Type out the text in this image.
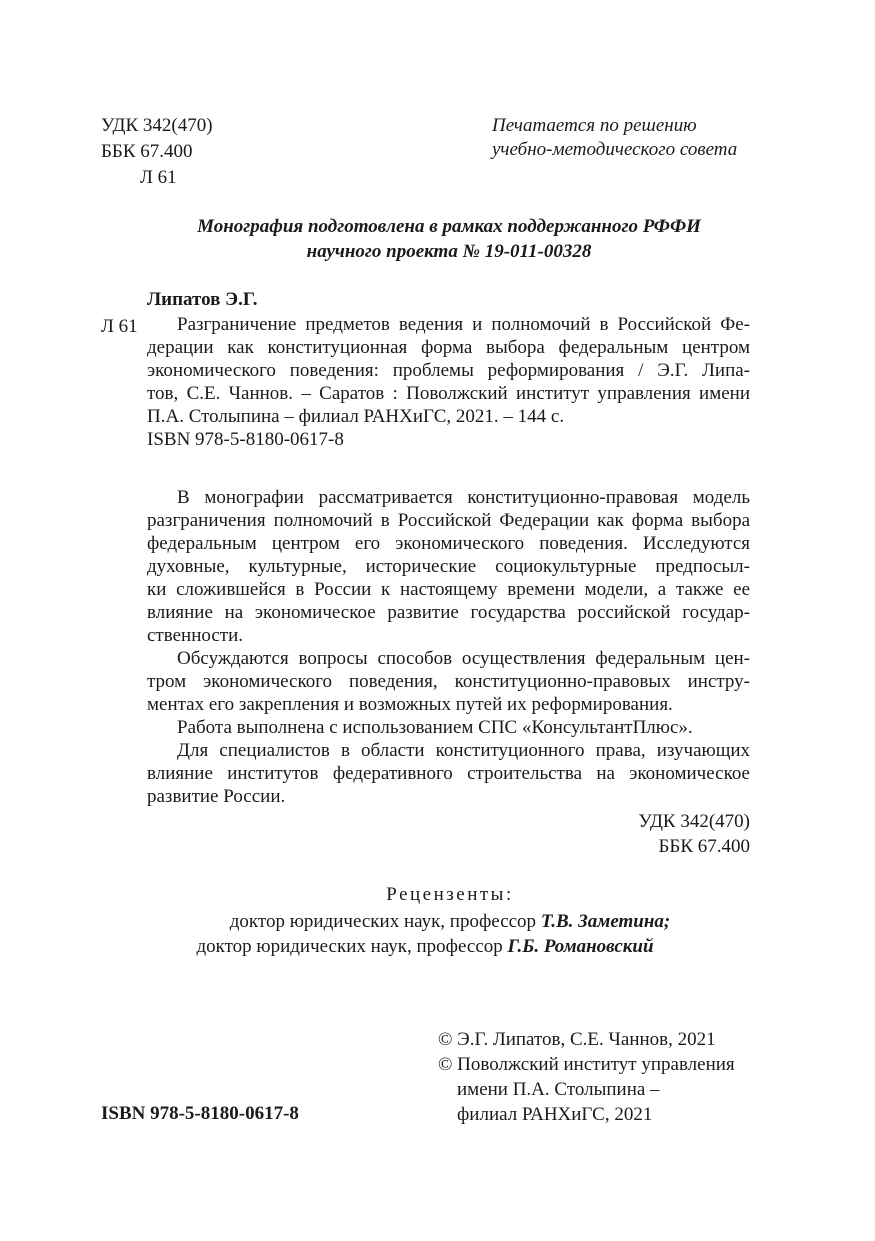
УДК 342(470)
ББК 67.400
Л 61
Печатается по решению
учебно-методического совета
Монография подготовлена в рамках поддержанного РФФИ
научного проекта № 19-011-00328
Липатов Э.Г.
Л 61	Разграничение предметов ведения и полномочий в Российской Фе-
дерации как конституционная форма выбора федеральным центром
экономического поведения: проблемы реформирования / Э.Г. Липа-
тов, С.Е. Чаннов. – Саратов : Поволжский институт управления имени
П.А. Столыпина – филиал РАНХиГС, 2021. – 144 с.
ISBN 978-5-8180-0617-8
В монографии рассматривается конституционно-правовая модель
разграничения полномочий в Российской Федерации как форма выбора
федеральным центром его экономического поведения. Исследуются
духовные, культурные, исторические социокультурные предпосыл-
ки сложившейся в России к настоящему времени модели, а также ее
влияние на экономическое развитие государства российской государ-
ственности.
Обсуждаются вопросы способов осуществления федеральным цен-
тром экономического поведения, конституционно-правовых инстру-
ментах его закрепления и возможных путей их реформирования.
Работа выполнена с использованием СПС «КонсультантПлюс».
Для специалистов в области конституционного права, изучающих
влияние институтов федеративного строительства на экономическое
развитие России.
УДК 342(470)
ББК 67.400
Рецензенты:
доктор юридических наук, профессор Т.В. Заметина;
доктор юридических наук, профессор Г.Б. Романовский
© Э.Г. Липатов, С.Е. Чаннов, 2021
© Поволжский институт управления
имени П.А. Столыпина –
филиал РАНХиГС, 2021
ISBN 978-5-8180-0617-8
